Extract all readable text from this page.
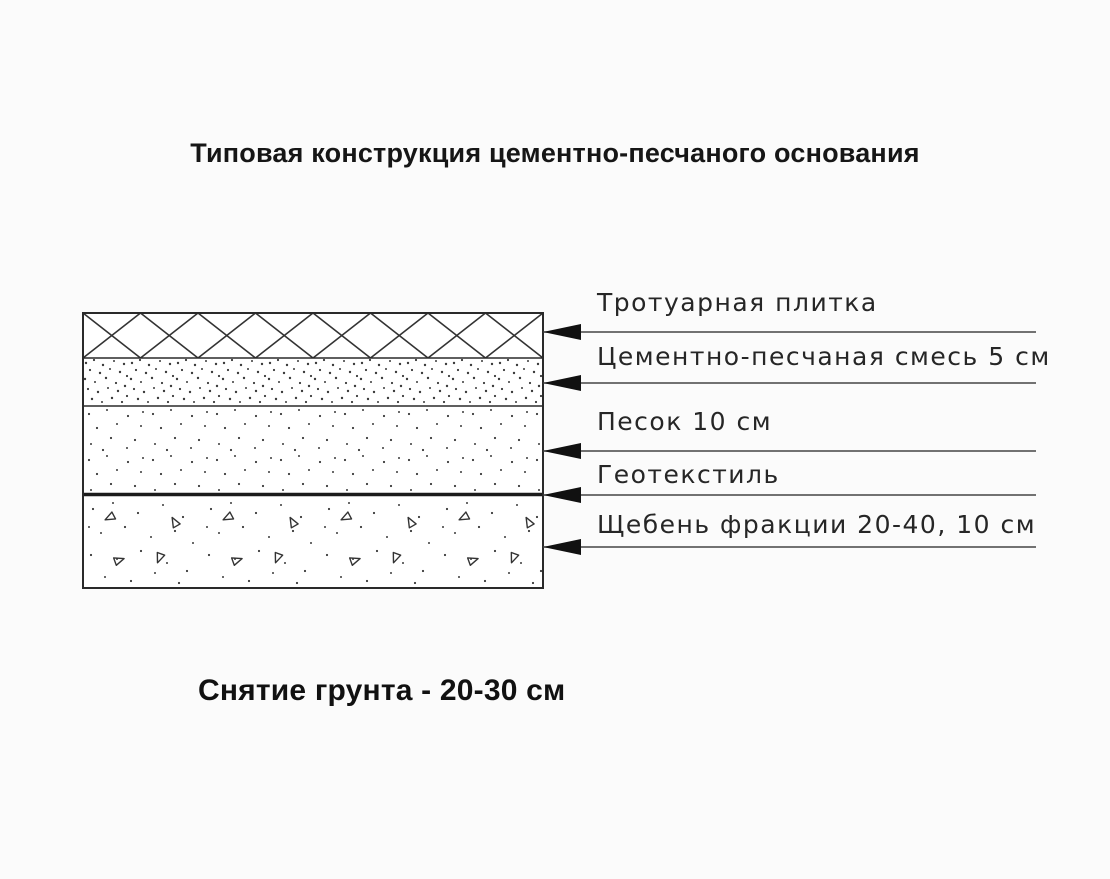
Типовая конструкция цементно-песчаного основания
Тротуарная плитка
Цементно-песчаная смесь 5 см
Песок 10 см
Геотекстиль
Щебень фракции 20-40, 10 см
Снятие грунта - 20-30 см
